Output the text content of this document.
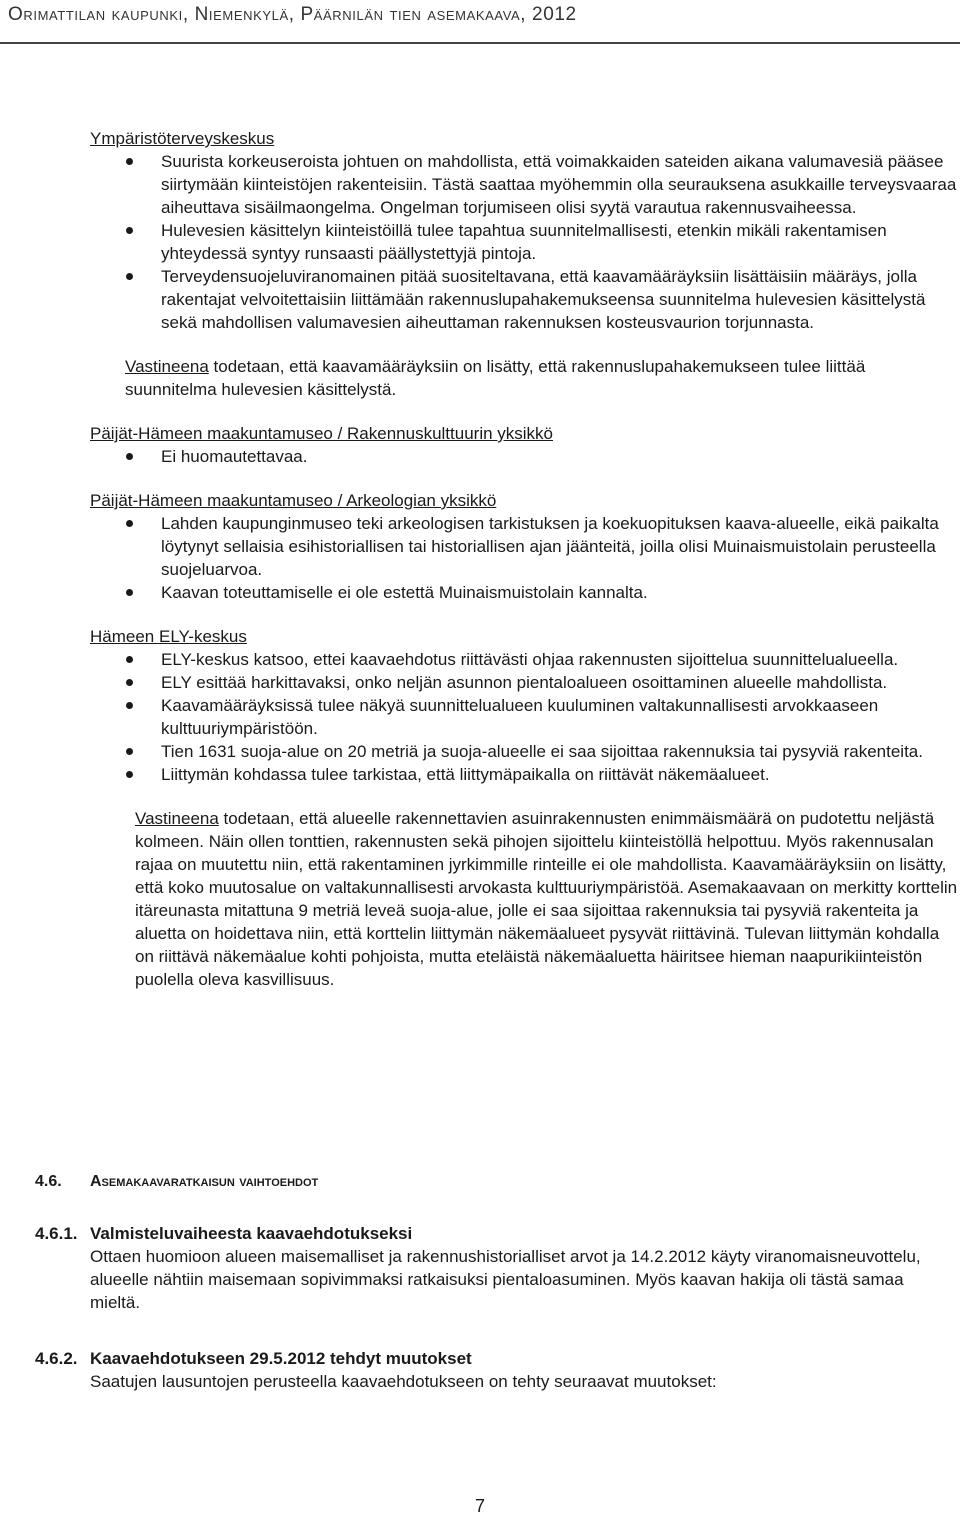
Orimattilan kaupunki, Niemenkylä, Päärnilän tien asemakaava, 2012
Ympäristöterveyskeskus
Suurista korkeuseroista johtuen on mahdollista, että voimakkaiden sateiden aikana valumavesiä pääsee siirtymään kiinteistöjen rakenteisiin. Tästä saattaa myöhemmin olla seurauksena asukkaille terveysvaaraa aiheuttava sisäilmaongelma. Ongelman torjumiseen olisi syytä varautua rakennusvaiheessa.
Hulevesien käsittelyn kiinteistöillä tulee tapahtua suunnitelmallisesti, etenkin mikäli rakentamisen yhteydessä syntyy runsaasti päällystettyjä pintoja.
Terveydensuojeluviranomainen pitää suositeltavana, että kaavamääräyksiin lisättäisiin määräys, jolla rakentajat velvoitettaisiin liittämään rakennuslupahakemukseensa suunnitelma hulevesien käsittelystä sekä mahdollisen valumavesien aiheuttaman rakennuksen kosteusvaurion torjunnasta.
Vastineena todetaan, että kaavamääräyksiin on lisätty, että rakennuslupahakemukseen tulee liittää suunnitelma hulevesien käsittelystä.
Päijät-Hämeen maakuntamuseo / Rakennuskulttuurin yksikkö
Ei huomautettavaa.
Päijät-Hämeen maakuntamuseo / Arkeologian yksikkö
Lahden kaupunginmuseo teki arkeologisen tarkistuksen ja koekuopituksen kaava-alueelle, eikä paikalta löytynyt sellaisia esihistoriallisen tai historiallisen ajan jäänteitä, joilla olisi Muinaismuistolain perusteella suojeluarvoa.
Kaavan toteuttamiselle ei ole estettä Muinaismuistolain kannalta.
Hämeen ELY-keskus
ELY-keskus katsoo, ettei kaavaehdotus riittävästi ohjaa rakennusten sijoittelua suunnittelualueella.
ELY esittää harkittavaksi, onko neljän asunnon pientaloalueen osoittaminen alueelle mahdollista.
Kaavamääräyksissä tulee näkyä suunnittelualueen kuuluminen valtakunnallisesti arvokkaaseen kulttuuriympäristöön.
Tien 1631 suoja-alue on 20 metriä ja suoja-alueelle ei saa sijoittaa rakennuksia tai pysyviä rakenteita.
Liittymän kohdassa tulee tarkistaa, että liittymäpaikalla on riittävät näkemäalueet.
Vastineena todetaan, että alueelle rakennettavien asuinrakennusten enimmäismäärä on pudotettu neljästä kolmeen. Näin ollen tonttien, rakennusten sekä pihojen sijoittelu kiinteistöllä helpottuu. Myös rakennusalan rajaa on muutettu niin, että rakentaminen jyrkimmille rinteille ei ole mahdollista. Kaavamääräyksiin on lisätty, että koko muutosalue on valtakunnallisesti arvokasta kulttuuriympäristöä. Asemakaavaan on merkitty korttelin itäreunasta mitattuna 9 metriä leveä suoja-alue, jolle ei saa sijoittaa rakennuksia tai pysyviä rakenteita ja aluetta on hoidettava niin, että korttelin liittymän näkemäalueet pysyvät riittävinä. Tulevan liittymän kohdalla on riittävä näkemäalue kohti pohjoista, mutta eteläistä näkemäaluetta häiritsee hieman naapurikiinteistön puolella oleva kasvillisuus.
4.6. Asemakaavaratkaisun vaihtoehdot
4.6.1. Valmisteluvaiheesta kaavaehdotukseksi
Ottaen huomioon alueen maisemalliset ja rakennushistorialliset arvot ja 14.2.2012 käyty viranomaisneuvottelu, alueelle nähtiin maisemaan sopivimmaksi ratkaisuksi pientaloasuminen. Myös kaavan hakija oli tästä samaa mieltä.
4.6.2. Kaavaehdotukseen 29.5.2012 tehdyt muutokset
Saatujen lausuntojen perusteella kaavaehdotukseen on tehty seuraavat muutokset:
7
